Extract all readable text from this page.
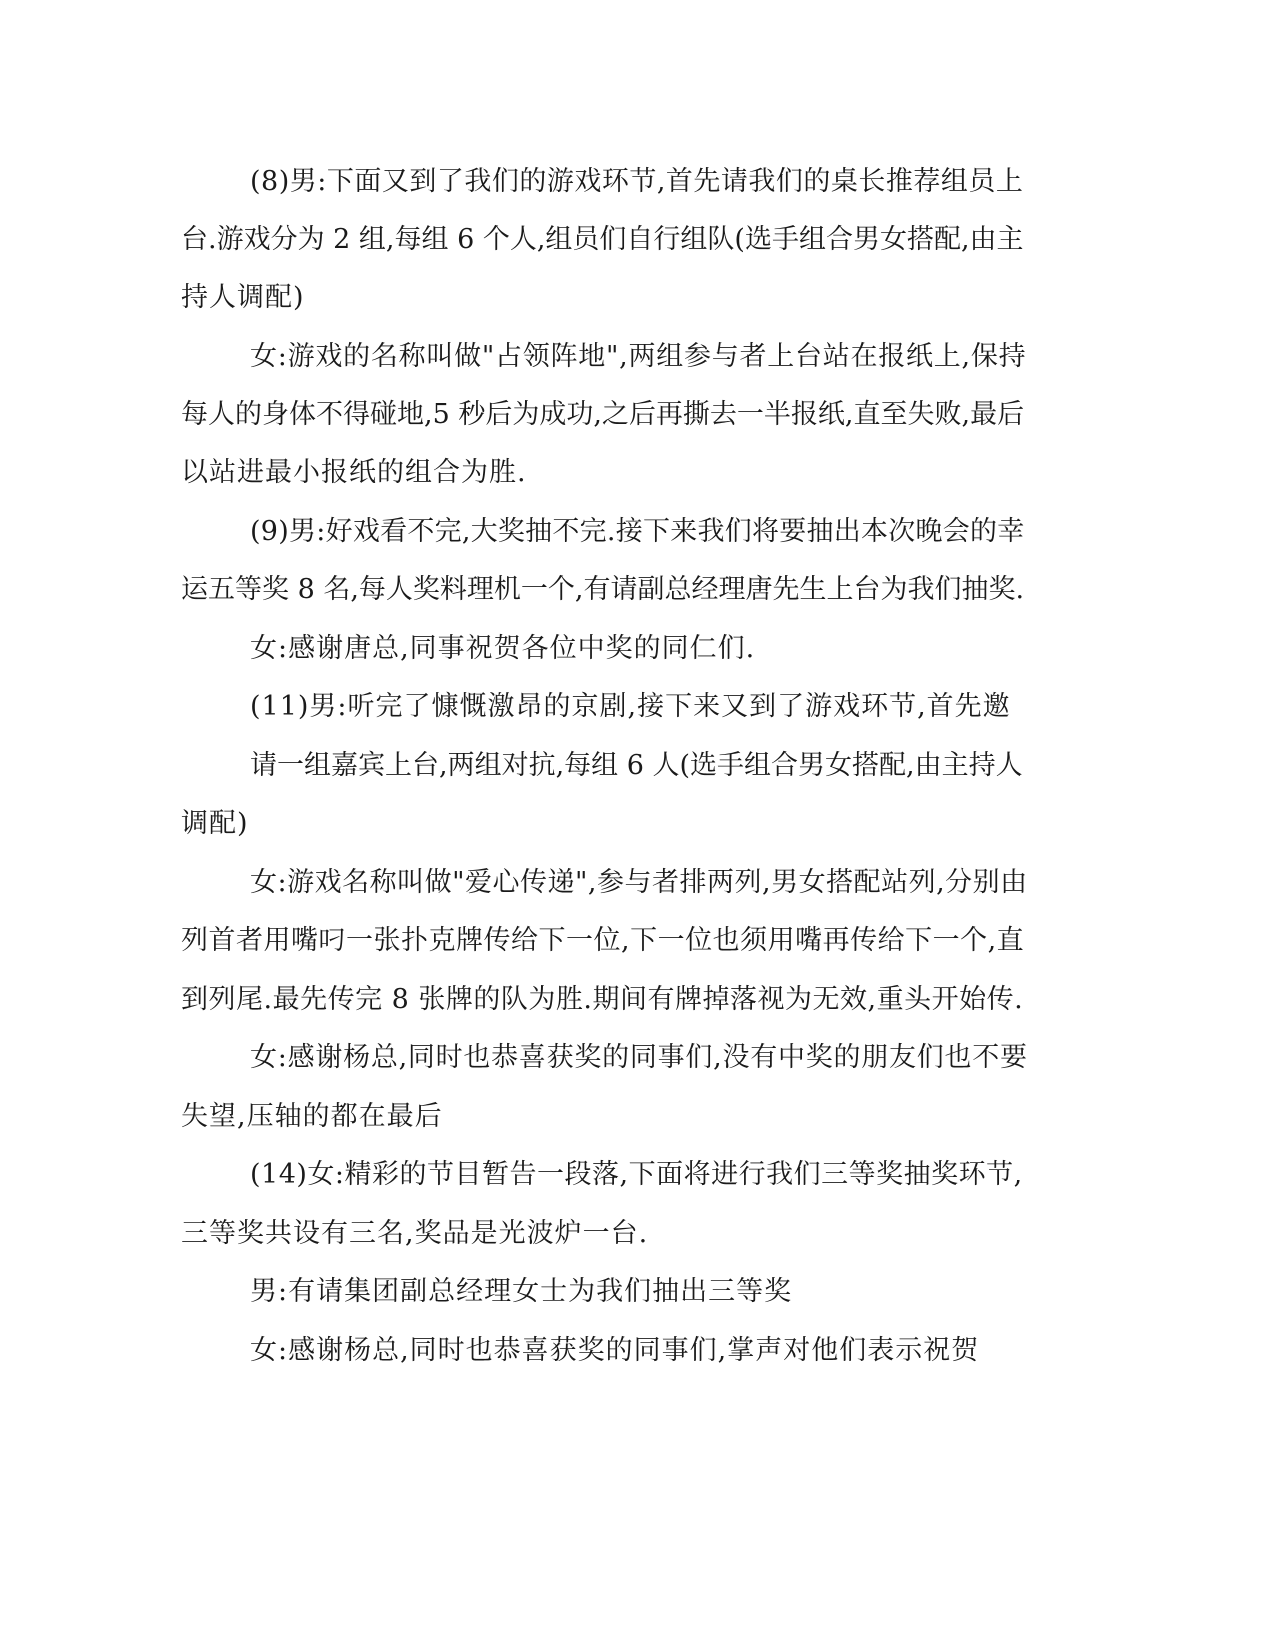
(8)男:下面又到了我们的游戏环节,首先请我们的桌长推荐组员上
台.游戏分为 2 组,每组 6 个人,组员们自行组队(选手组合男女搭配,由主
持人调配)
女:游戏的名称叫做"占领阵地",两组参与者上台站在报纸上,保持
每人的身体不得碰地,5 秒后为成功,之后再撕去一半报纸,直至失败,最后
以站进最小报纸的组合为胜.
(9)男:好戏看不完,大奖抽不完.接下来我们将要抽出本次晚会的幸
运五等奖 8 名,每人奖料理机一个,有请副总经理唐先生上台为我们抽奖.
女:感谢唐总,同事祝贺各位中奖的同仁们.
(11)男:听完了慷慨激昂的京剧,接下来又到了游戏环节,首先邀
请一组嘉宾上台,两组对抗,每组 6 人(选手组合男女搭配,由主持人
调配)
女:游戏名称叫做"爱心传递",参与者排两列,男女搭配站列,分别由
列首者用嘴叼一张扑克牌传给下一位,下一位也须用嘴再传给下一个,直
到列尾.最先传完 8 张牌的队为胜.期间有牌掉落视为无效,重头开始传.
女:感谢杨总,同时也恭喜获奖的同事们,没有中奖的朋友们也不要
失望,压轴的都在最后
(14)女:精彩的节目暂告一段落,下面将进行我们三等奖抽奖环节,
三等奖共设有三名,奖品是光波炉一台.
男:有请集团副总经理女士为我们抽出三等奖
女:感谢杨总,同时也恭喜获奖的同事们,掌声对他们表示祝贺
